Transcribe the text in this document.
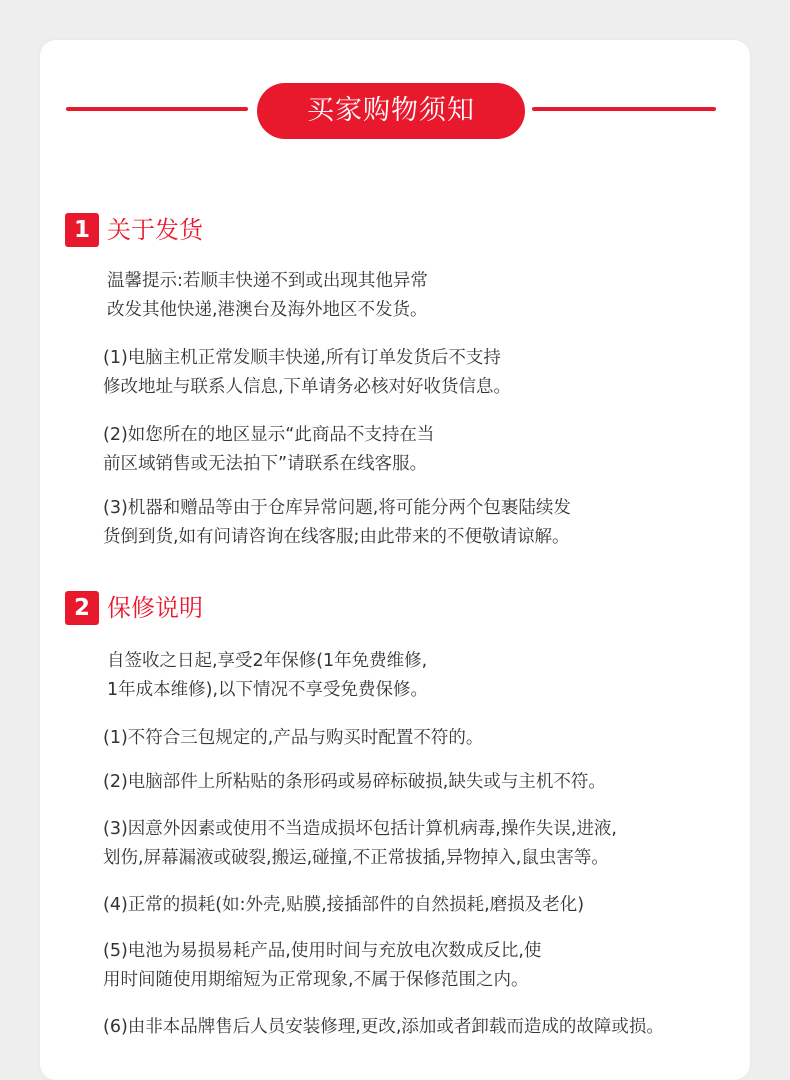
买家购物须知
1 关于发货
温馨提示:若顺丰快递不到或出现其他异常
改发其他快递,港澳台及海外地区不发货。
(1)电脑主机正常发顺丰快递,所有订单发货后不支持
修改地址与联系人信息,下单请务必核对好收货信息。
(2)如您所在的地区显示“此商品不支持在当
前区域销售或无法拍下”请联系在线客服。
(3)机器和赠品等由于仓库异常问题,将可能分两个包裹陆续发
货倒到货,如有问请咨询在线客服;由此带来的不便敬请谅解。
2 保修说明
自签收之日起,享受2年保修(1年免费维修,
1年成本维修),以下情况不享受免费保修。
(1)不符合三包规定的,产品与购买时配置不符的。
(2)电脑部件上所粘贴的条形码或易碎标破损,缺失或与主机不符。
(3)因意外因素或使用不当造成损坏包括计算机病毒,操作失误,进液,
划伤,屏幕漏液或破裂,搬运,碰撞,不正常拔插,异物掉入,鼠虫害等。
(4)正常的损耗(如:外壳,贴膜,接插部件的自然损耗,磨损及老化)
(5)电池为易损易耗产品,使用时间与充放电次数成反比,使
用时间随使用期缩短为正常现象,不属于保修范围之内。
(6)由非本品牌售后人员安装修理,更改,添加或者卸载而造成的故障或损。
